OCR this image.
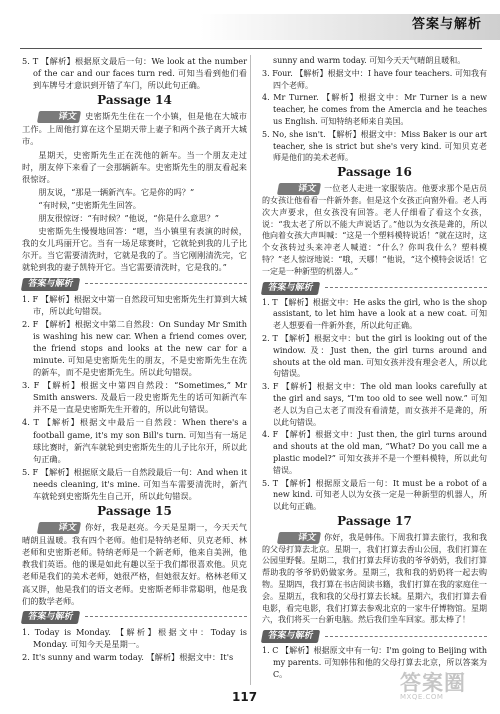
答案与解析

5. T 【解析】根据原文最后一句：We look at the number of the car and our faces turn red. 可知当看到他们看到车牌号才意识到开错了车门，所以此句正确。

Passage 14

译文 史密斯先生住在一个小镇，但是他在大城市工作。上周他打算在这个星期天带上妻子和两个孩子离开大城市。

星期天，史密斯先生正在洗他的新车。当一个朋友走过时，朋友停下来看了一会那辆新车。史密斯先生的朋友看起来很惊讶。

朋友说，“那是一辆新汽车。它是你的吗？”

“有时候，”史密斯先生回答。

朋友很惊讶：“有时候？”他说，“你是什么意思？”

史密斯先生慢慢地回答：“嗯，当小镇里有表演的时候，我的女儿玛丽开它。当有一场足球赛时，它就轮到我的儿子比尔开。当它需要清洗时，它就是我的了。当它刚刚清洗完，它就轮到我的妻子凯特开它。当它需要清洗时，它是我的。”

答案与解析

1. F 【解析】根据文中第一自然段可知史密斯先生打算到大城市，所以此句错误。

2. F 【解析】根据文中第二自然段：On Sunday Mr Smith is washing his new car. When a friend comes over, the friend stops and looks at the new car for a minute. 可知是史密斯先生的朋友，不是史密斯先生在洗的新车，而不是史密斯先生。所以此句错误。

3. F 【解析】根据文中第四自然段：“Sometimes,” Mr Smith answers. 及最后一段史密斯先生的话可知新汽车并不是一直是史密斯先生开着的，所以此句错误。

4. T 【解析】根据文中最后一自然段：When there's a football game, it's my son Bill's turn. 可知当有一场足球比赛时，新汽车就轮到史密斯先生的儿子比尔开，所以此句正确。

5. F 【解析】根据原文最后一自然段最后一句：And when it needs cleaning, it's mine. 可知当车需要清洗时，新汽车就轮到史密斯先生自己开，所以此句错误。

Passage 15

译文 你好，我是赵亮。今天是星期一，今天天气晴朗且温暖。我有四个老师。他们是特纳老师、贝克老师、林老师和史密斯老师。特纳老师是一个新老师，他来自美洲，他教我们英语。他的课是如此有趣以至于我们都很喜欢他。贝克老师是我们的美术老师，她很严格，但她很友好。格林老师又高又胖，他是我们的语文老师。史密斯老师非常聪明，他是我们的数学老师。

答案与解析

1. Today is Monday. 【解析】根据文中：Today is Monday. 可知今天是星期一。

2. It's sunny and warm today. 【解析】根据文中：It's

sunny and warm today. 可知今天天气晴朗且暖和。

3. Four. 【解析】根据文中：I have four teachers. 可知我有四个老师。

4. Mr Turner. 【解析】根据文中：Mr Turner is a new teacher, he comes from the Amercia and he teaches us English. 可知特纳老师来自美国。

5. No, she isn't. 【解析】根据文中：Miss Baker is our art teacher, she is strict but she's very kind. 可知贝克老师是他们的美术老师。

Passage 16

译文 一位老人走进一家服装店。他要求那个是店员的女孩让他看看一件新外套。但是这个女孩正向窗外看。老人再次大声要求，但女孩没有回答。老人仔细看了看这个女孩，说：“我太老了所以不能大声说话了。”他以为女孩是聋的，所以他向着女孩大声叫喊：“这是一个塑料模特说话！”就在这时，这个女孩转过头来冲老人喊道：“什么？你叫我什么？塑料模特？”老人惊讶地说：“哦，天哪！”他说，“这个模特会说话！它一定是一种新型的机器人。”

答案与解析

1. T 【解析】根据文中：He asks the girl, who is the shop assistant, to let him have a look at a new coat. 可知老人想要看一件新外套，所以此句正确。

2. T 【解析】根据文中：but the girl is looking out of the window. 及：Just then, the girl turns around and shouts at the old man. 可知女孩并没有理会老人，所以此句错误。

3. F 【解析】根据文中：The old man looks carefully at the girl and says, “I'm too old to see well now.” 可知老人以为自己太老了而没有看清楚，而女孩并不是聋的，所以此句错误。

4. F 【解析】根据文中：Just then, the girl turns around and shouts at the old man, “What? Do you call me a plastic model?” 可知女孩并不是一个塑料模特，所以此句错误。

5. T 【解析】根据原文最后一句：It must be a robot of a new kind. 可知老人以为女孩一定是一种新型的机器人，所以此句正确。

Passage 17

译文 你好，我是韩伟。下周我打算去旅行，我和我的父母打算去北京。星期一，我们打算去香山公园，我们打算在公园里野餐。星期二，我们打算去拜访我的爷爷奶奶，我们打算帮助我的爷爷奶奶做家务。星期三，我和我的奶奶将一起去购物。星期四，我打算在书店阅读书籍，我们打算在我的家庭住一会。星期五，我和我的父母打算去长城。星期六，我们打算去看电影，看完电影，我们打算去参观北京的一家牛仔博物馆。星期六，我们将买一台新电脑。然后我们坐车回家。那太棒了！

答案与解析

1. C 【解析】根据原文中有一句：I'm going to Beijing with my parents. 可知韩伟和他的父母打算去北京，所以答案为 C。

117
答案圈
MXQE.COM
